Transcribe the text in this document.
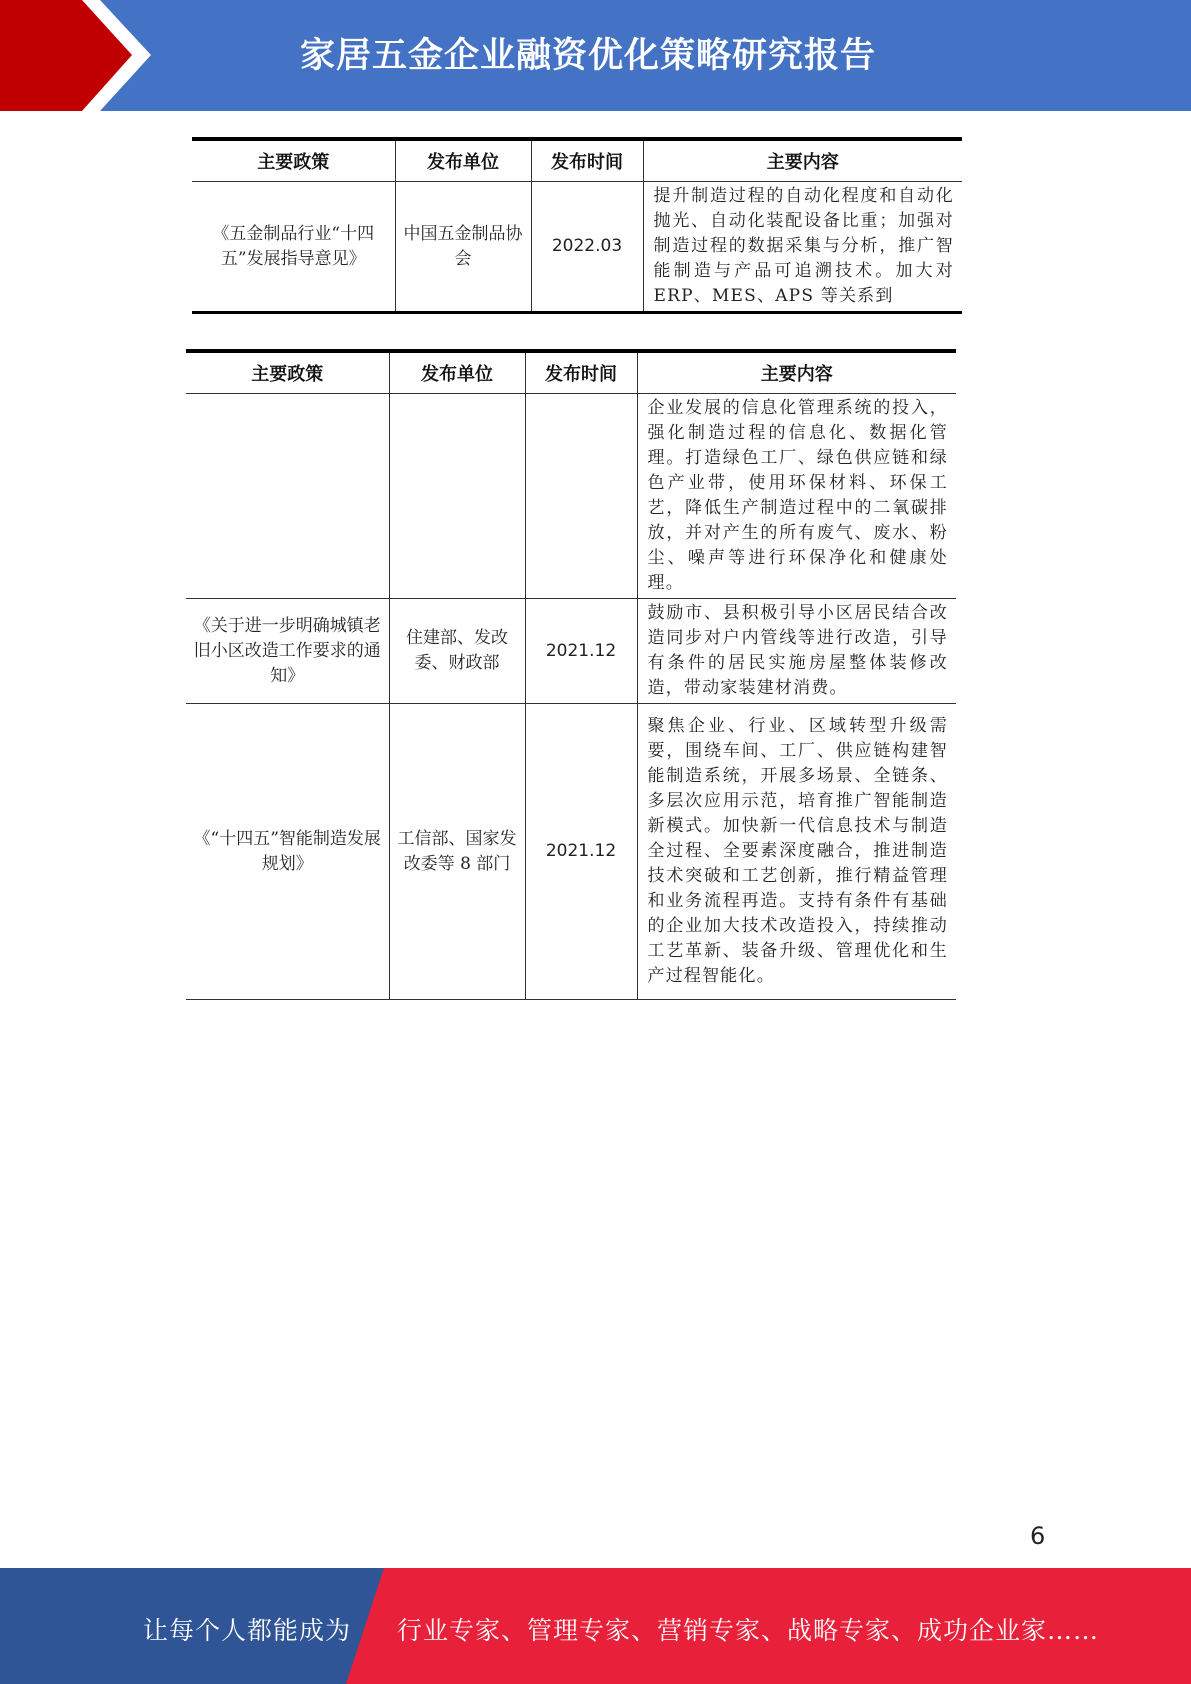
家居五金企业融资优化策略研究报告
主要政策	发布单位	发布时间	主要内容
《五金制品行业“十四五”发展指导意见》	中国五金制品协会	2022.03	提升制造过程的自动化程度和自动化抛光、自动化装配设备比重；加强对制造过程的数据采集与分析，推广智能制造与产品可追溯技术。加大对 ERP、MES、APS 等关系到
主要政策	发布单位	发布时间	主要内容
			企业发展的信息化管理系统的投入，强化制造过程的信息化、数据化管理。打造绿色工厂、绿色供应链和绿色产业带，使用环保材料、环保工艺，降低生产制造过程中的二氧碳排放，并对产生的所有废气、废水、粉尘、噪声等进行环保净化和健康处理。
《关于进一步明确城镇老旧小区改造工作要求的通知》	住建部、发改委、财政部	2021.12	鼓励市、县积极引导小区居民结合改造同步对户内管线等进行改造，引导有条件的居民实施房屋整体装修改造，带动家装建材消费。
《“十四五”智能制造发展规划》	工信部、国家发改委等 8 部门	2021.12	聚焦企业、行业、区域转型升级需要，围绕车间、工厂、供应链构建智能制造系统，开展多场景、全链条、多层次应用示范，培育推广智能制造新模式。加快新一代信息技术与制造全过程、全要素深度融合，推进制造技术突破和工艺创新，推行精益管理和业务流程再造。支持有条件有基础的企业加大技术改造投入，持续推动工艺革新、装备升级、管理优化和生产过程智能化。
6
让每个人都能成为 行业专家、管理专家、营销专家、战略专家、成功企业家……
